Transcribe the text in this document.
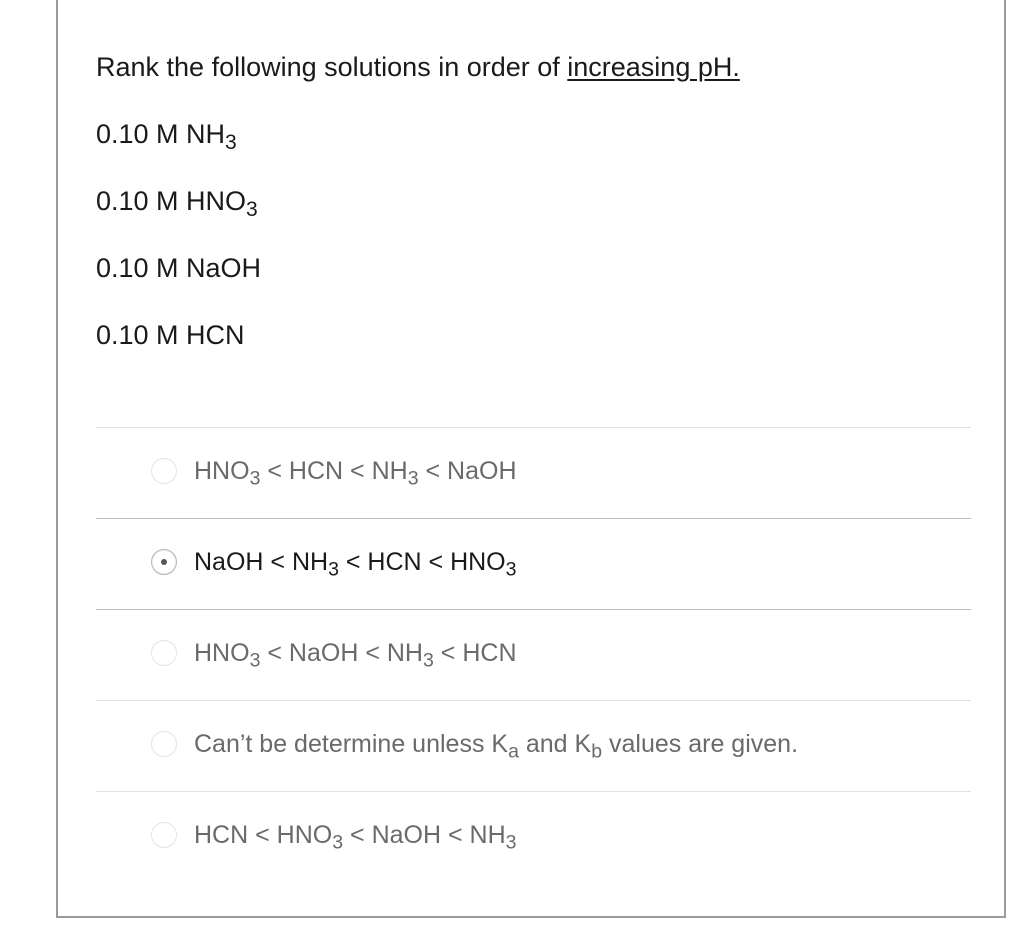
Rank the following solutions in order of increasing pH.

0.10 M $NH_3$
0.10 M $HNO_3$
0.10 M NaOH
0.10 M HCN
$HNO_3$ < HCN < $NH_3$ < NaOH
NaOH < $NH_3$ < HCN < $HNO_3$
$HNO_3$ < NaOH < $NH_3$ < HCN
Can’t be determine unless $K_a$ and $K_b$ values are given.
HCN < $HNO_3$ < NaOH < $NH_3$
